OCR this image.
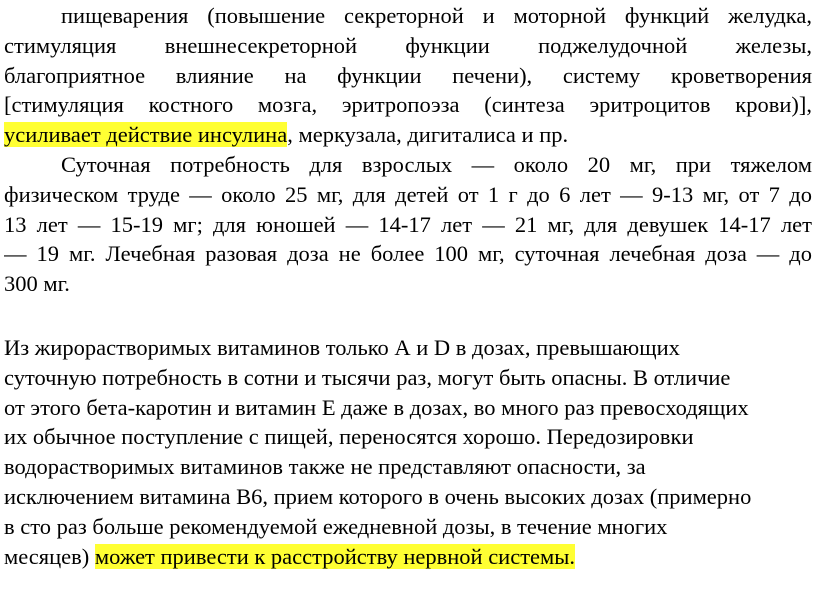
пищеварения (повышение секреторной и моторной функций желудка,
стимуляция внешнесекреторной функции поджелудочной железы,
благоприятное влияние на функции печени), систему кроветворения
[стимуляция костного мозга, эритропоэза (синтеза эритроцитов крови)],
усиливает действие инсулина, меркузала, дигиталиса и пр.
Суточная потребность для взрослых — около 20 мг, при тяжелом
физическом труде — около 25 мг, для детей от 1 г до 6 лет — 9-13 мг, от 7 до
13 лет — 15-19 мг; для юношей — 14-17 лет — 21 мг, для девушек 14-17 лет
— 19 мг. Лечебная разовая доза не более 100 мг, суточная лечебная доза — до
300 мг.
Из жирорастворимых витаминов только А и D в дозах, превышающих
суточную потребность в сотни и тысячи раз, могут быть опасны. В отличие
от этого бета-каротин и витамин Е даже в дозах, во много раз превосходящих
их обычное поступление с пищей, переносятся хорошо. Передозировки
водорастворимых витаминов также не представляют опасности, за
исключением витамина В6, прием которого в очень высоких дозах (примерно
в сто раз больше рекомендуемой ежедневной дозы, в течение многих
месяцев) может привести к расстройству нервной системы.
